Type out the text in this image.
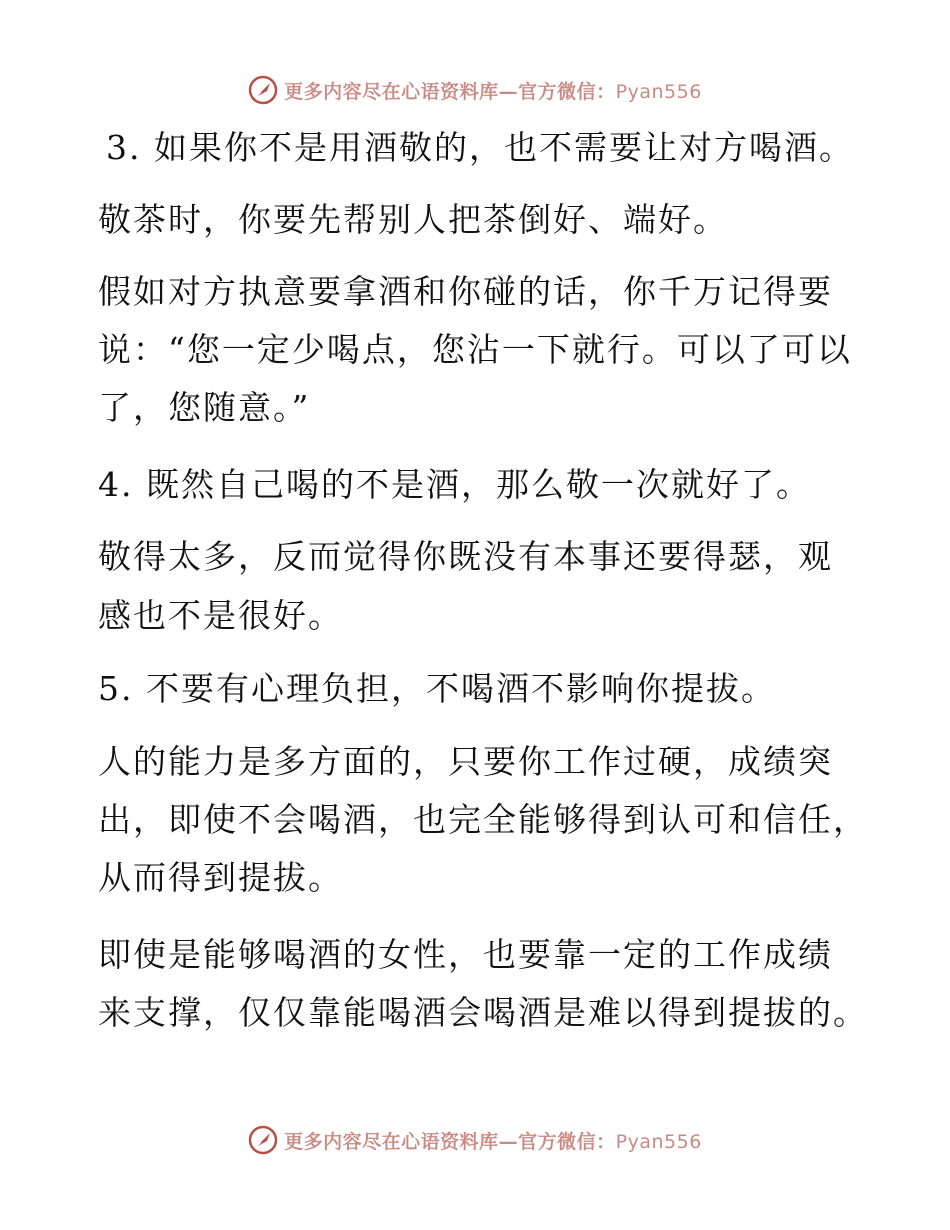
更多内容尽在心语资料库—官方微信：Pyan556
3. 如果你不是用酒敬的，也不需要让对方喝酒。
敬茶时，你要先帮别人把茶倒好、端好。
假如对方执意要拿酒和你碰的话，你千万记得要
说：“您一定少喝点，您沾一下就行。可以了可以
了，您随意。”
4. 既然自己喝的不是酒，那么敬一次就好了。
敬得太多，反而觉得你既没有本事还要得瑟，观
感也不是很好。
5. 不要有心理负担，不喝酒不影响你提拔。
人的能力是多方面的，只要你工作过硬，成绩突
出，即使不会喝酒，也完全能够得到认可和信任，
从而得到提拔。
即使是能够喝酒的女性，也要靠一定的工作成绩
来支撑，仅仅靠能喝酒会喝酒是难以得到提拔的。
更多内容尽在心语资料库—官方微信：Pyan556
